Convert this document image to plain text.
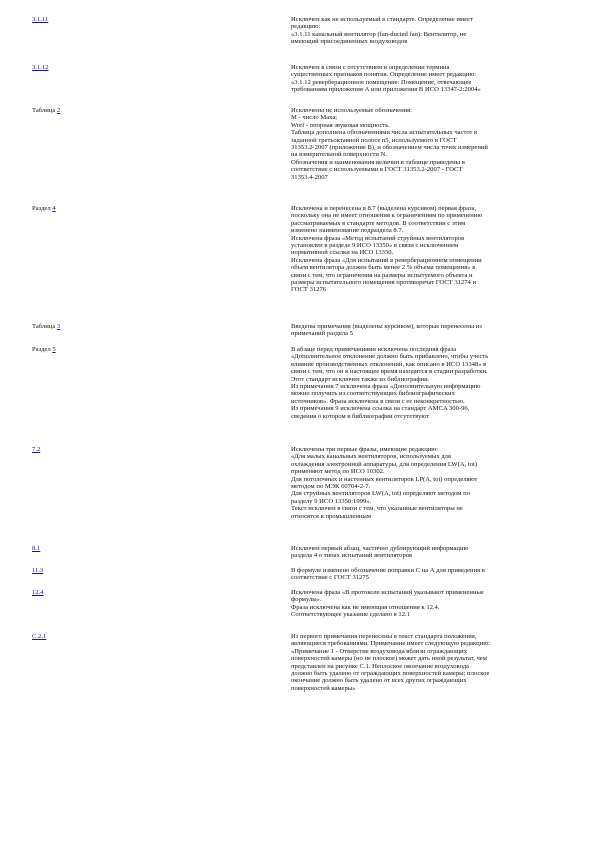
3.1.11	Исключен как не используемый в стандарте. Определение имеет
редакцию:
«3.1.11 канальный вентилятор (fan-ducted fan): Вентилятор, не
имеющий присоединенных воздуховодов
3.1.12	Исключен в связи с отсутствием в определении термина
существенных признаков понятия. Определение имеет редакцию:
«3.1.12 реверберационное помещение: Помещение, отвечающее
требованиям приложения А или приложения В ИСО 13347-2:2004»
Таблица 2	Исключены не используемые обозначения:
M - число Маха;
Wref - опорная звуковая мощность.
Таблица дополнена обозначениями числа испытательных частот в
заданной третьоктавной полосе n5, используемого в ГОСТ
31353.2-2007 (приложение В), и обозначением числа точек измерений
на измерительной поверхности N.
Обозначения и наименования величин в таблице приведены в
соответствие с используемыми в ГОСТ 31353.2-2007 - ГОСТ
31353.4-2007
Раздел 4	Исключена и перенесена в 8.7 (выделена курсивом) первая фраза,
поскольку она не имеет отношения к ограничениям по применению
рассматриваемых в стандарте методов. В соответствии с этим
изменено наименование подраздела 8.7.
Исключена фраза «Метод испытаний струйных вентиляторов
установлен в разделе 9 ИСО 13350» в связи с исключением
нормативной ссылки на ИСО 13350.
Исключена фраза «Для испытаний в реверберационном помещении
объем вентилятора должен быть менее 2 % объема помещения» в
связи с тем, что ограничения на размеры испытуемого объекта и
размеры испытательного помещения противоречат ГОСТ 31274 и
ГОСТ 31276
Таблица 3	Введены примечания (выделены курсивом), которые перенесены из
примечаний раздела 5
Раздел 5	В абзаце перед примечаниями исключена последняя фраза
«Дополнительное отклонение должно быть прибавлено, чтобы учесть
влияние производственных отклонений, как описано в ИСО 13348» в
связи с тем, что он в настоящее время находится в стадии разработки.
Этот стандарт исключен также из библиографии.
Из примечания 7 исключена фраза «Дополнительную информацию
можно получить из соответствующих библиографических
источников». Фраза исключена в связи с ее неконкретностью.
Из примечания 9 исключена ссылка на стандарт AMCA 300-96,
сведения о котором в библиографии отсутствуют
7.2	Исключены три первые фразы, имеющие редакцию:
«Для малых канальных вентиляторов, используемых для
охлаждения электронной аппаратуры, для определения LW(A, tot)
применяют метод по ИСО 10302.
Для потолочных и настенных вентиляторов LP(A, tot) определяют
методом по МЭК 60704-2-7.
Для струйных вентиляторов LW(A, tot) определяют методом по
разделу 9 ИСО 13350:1999».
Текст исключен в связи с тем, что указанные вентиляторы не
относятся к промышленным
8.1	Исключен первый абзац, частично дублирующий информацию
раздела 4 о типах испытаний вентиляторов
11.3	В формуле изменено обозначение поправки С на А для приведения в
соответствие с ГОСТ 31275
12.4	Исключена фраза «В протоколе испытаний указывают примененные
формулы».
Фраза исключена как не имеющая отношения к 12.4.
Соответствующее указание сделано в 12.1
C.2.1	Из первого примечания перенесены в текст стандарта положения,
являющиеся требованиями. Примечание имеет следующую редакцию:
«Примечание 1 - Отверстие воздуховода вблизи ограждающих
поверхностей камеры (но не плоское) может дать иной результат, чем
представлен на рисунке С.1. Неплоское окончание воздуховода
должно быть удалено от ограждающих поверхностей камеры; плоское
окончание должно быть удалено от всех других ограждающих
поверхностей камеры»
